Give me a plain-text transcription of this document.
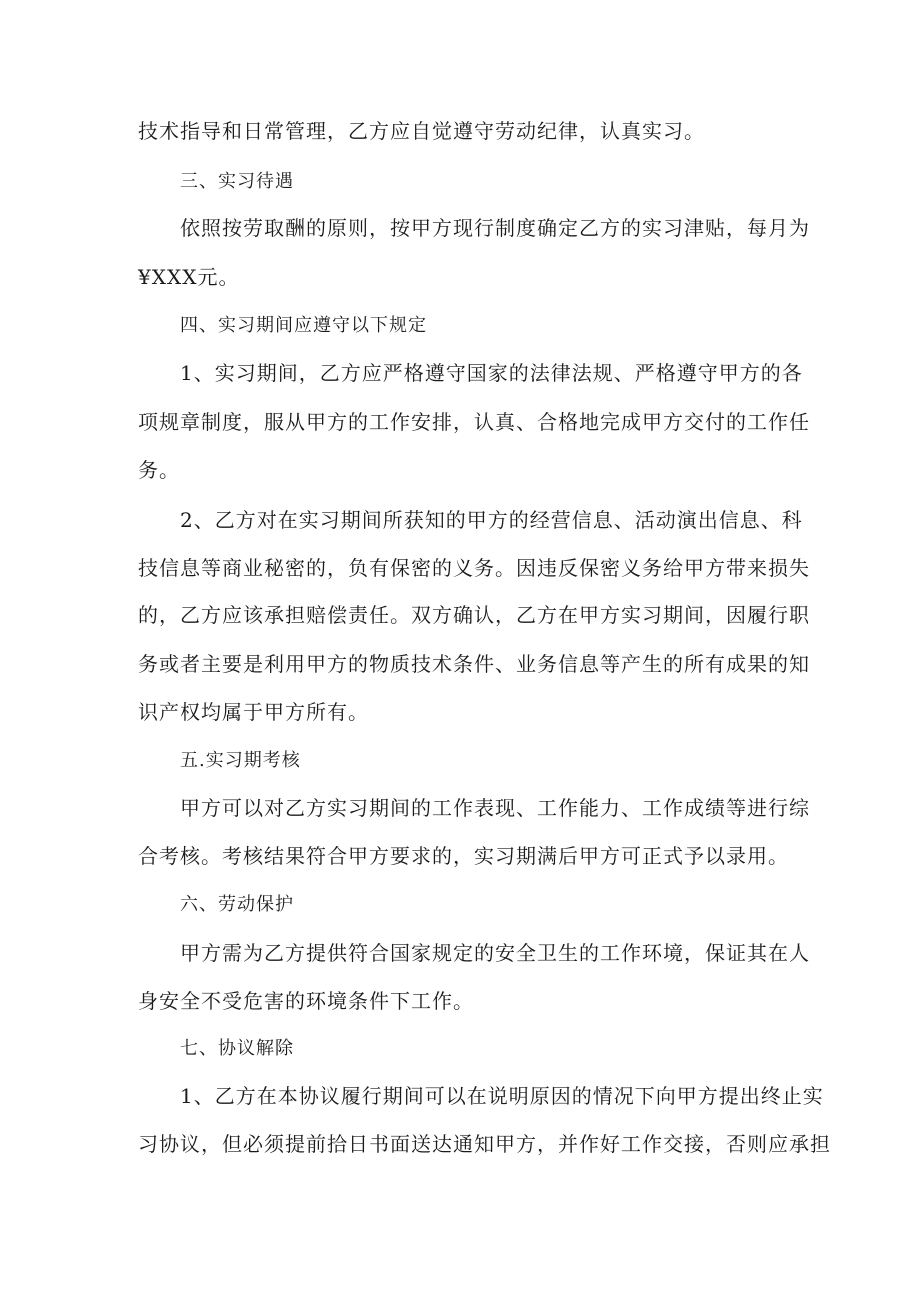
技术指导和日常管理，乙方应自觉遵守劳动纪律，认真实习。
三、实习待遇
依照按劳取酬的原则，按甲方现行制度确定乙方的实习津贴，每月为
¥XXX元。
四、实习期间应遵守以下规定
1、实习期间，乙方应严格遵守国家的法律法规、严格遵守甲方的各
项规章制度，服从甲方的工作安排，认真、合格地完成甲方交付的工作任
务。
2、乙方对在实习期间所获知的甲方的经营信息、活动演出信息、科
技信息等商业秘密的，负有保密的义务。因违反保密义务给甲方带来损失
的，乙方应该承担赔偿责任。双方确认，乙方在甲方实习期间，因履行职
务或者主要是利用甲方的物质技术条件、业务信息等产生的所有成果的知
识产权均属于甲方所有。
五.实习期考核
甲方可以对乙方实习期间的工作表现、工作能力、工作成绩等进行综
合考核。考核结果符合甲方要求的，实习期满后甲方可正式予以录用。
六、劳动保护
甲方需为乙方提供符合国家规定的安全卫生的工作环境，保证其在人
身安全不受危害的环境条件下工作。
七、协议解除
1、乙方在本协议履行期间可以在说明原因的情况下向甲方提出终止实
习协议，但必须提前拾日书面送达通知甲方，并作好工作交接，否则应承担
